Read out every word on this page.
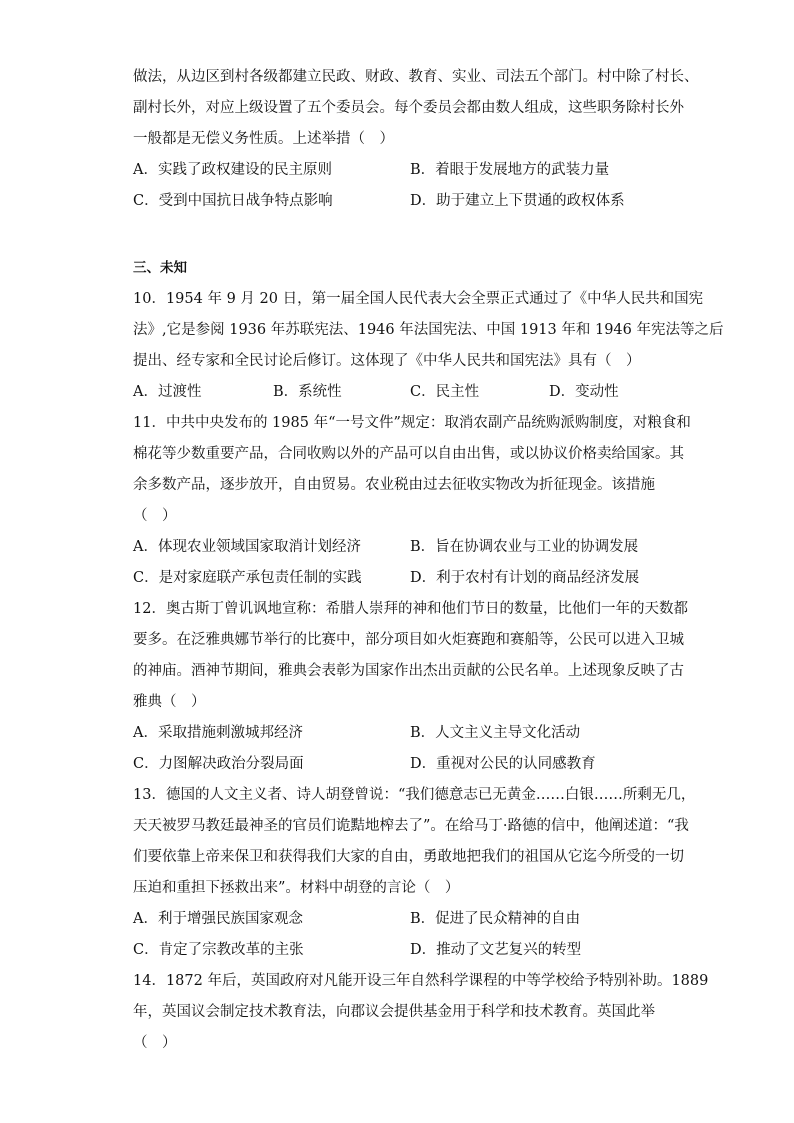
做法，从边区到村各级都建立民政、财政、教育、实业、司法五个部门。村中除了村长、
副村长外，对应上级设置了五个委员会。每个委员会都由数人组成，这些职务除村长外
一般都是无偿义务性质。上述举措（　）
A．实践了政权建设的民主原则	B．着眼于发展地方的武装力量
C．受到中国抗日战争特点影响	D．助于建立上下贯通的政权体系
三、未知
10．1954 年 9 月 20 日，第一届全国人民代表大会全票正式通过了《中华人民共和国宪
法》,它是参阅 1936 年苏联宪法、1946 年法国宪法、中国 1913 年和 1946 年宪法等之后
提出、经专家和全民讨论后修订。这体现了《中华人民共和国宪法》具有（　）
A．过渡性	B．系统性	C．民主性	D．变动性
11．中共中央发布的 1985 年“一号文件”规定：取消农副产品统购派购制度，对粮食和
棉花等少数重要产品，合同收购以外的产品可以自由出售，或以协议价格卖给国家。其
余多数产品，逐步放开，自由贸易。农业税由过去征收实物改为折征现金。该措施
（　）
A．体现农业领域国家取消计划经济	B．旨在协调农业与工业的协调发展
C．是对家庭联产承包责任制的实践	D．利于农村有计划的商品经济发展
12．奥古斯丁曾讥讽地宣称：希腊人崇拜的神和他们节日的数量，比他们一年的天数都
要多。在泛雅典娜节举行的比赛中，部分项目如火炬赛跑和赛船等，公民可以进入卫城
的神庙。酒神节期间，雅典会表彰为国家作出杰出贡献的公民名单。上述现象反映了古
雅典（　）
A．采取措施刺激城邦经济	B．人文主义主导文化活动
C．力图解决政治分裂局面	D．重视对公民的认同感教育
13．德国的人文主义者、诗人胡登曾说：“我们德意志已无黄金……白银……所剩无几，
天天被罗马教廷最神圣的官员们诡黠地榨去了”。在给马丁·路德的信中，他阐述道：“我
们要依靠上帝来保卫和获得我们大家的自由，勇敢地把我们的祖国从它迄今所受的一切
压迫和重担下拯救出来”。材料中胡登的言论（　）
A．利于增强民族国家观念	B．促进了民众精神的自由
C．肯定了宗教改革的主张	D．推动了文艺复兴的转型
14．1872 年后，英国政府对凡能开设三年自然科学课程的中等学校给予特别补助。1889
年，英国议会制定技术教育法，向郡议会提供基金用于科学和技术教育。英国此举
（　）
